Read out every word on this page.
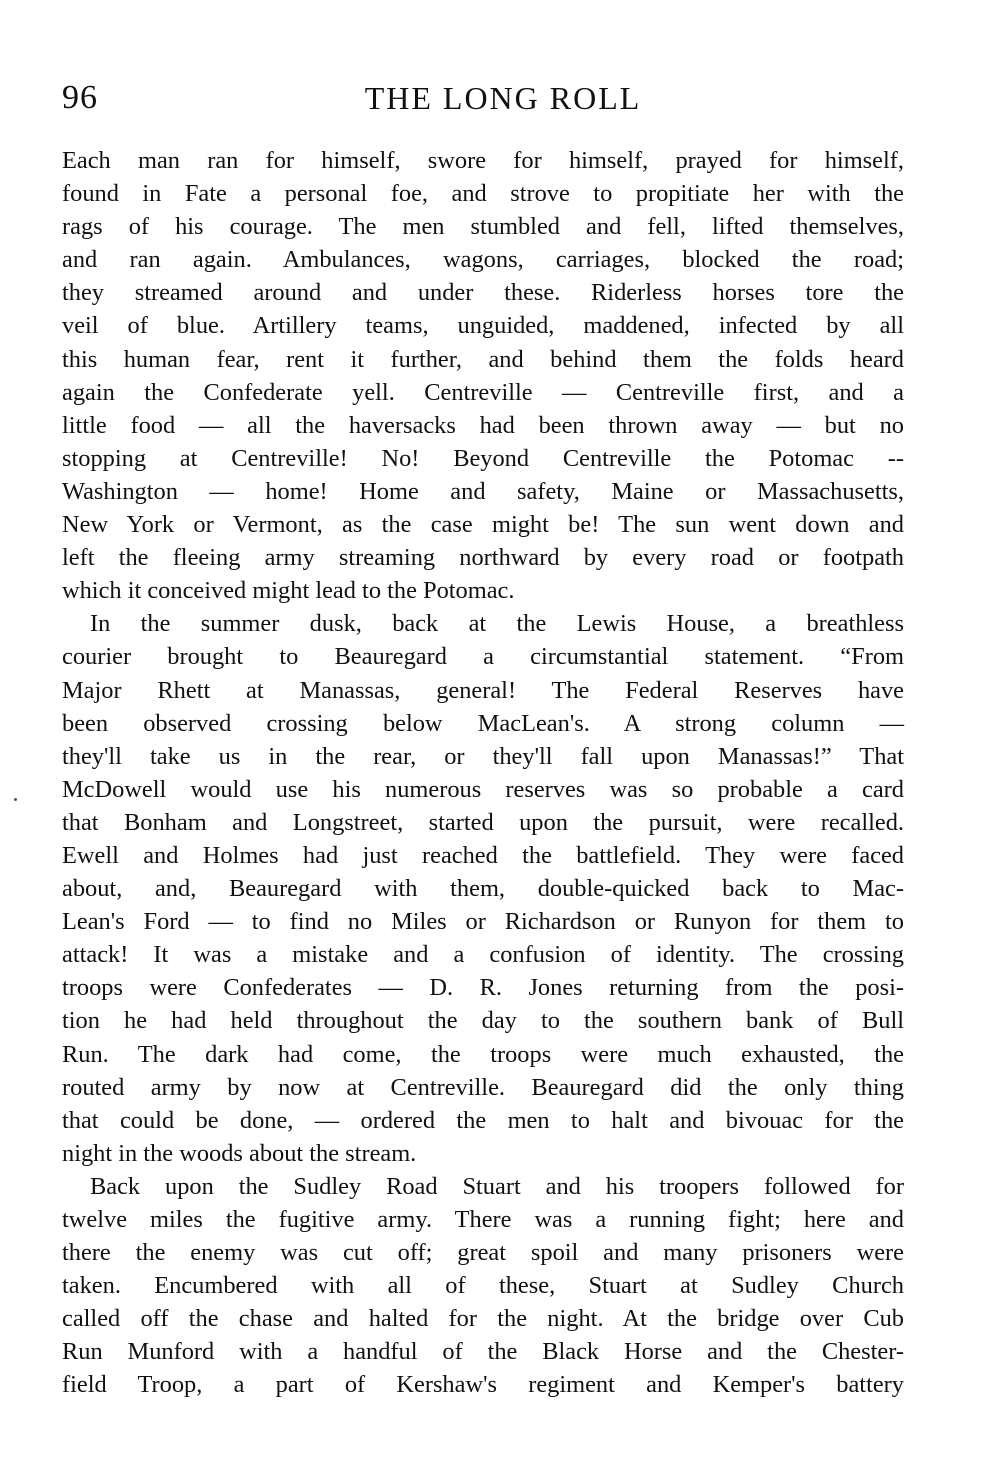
96	THE LONG ROLL

Each man ran for himself, swore for himself, prayed for himself,
found in Fate a personal foe, and strove to propitiate her with the
rags of his courage. The men stumbled and fell, lifted themselves,
and ran again. Ambulances, wagons, carriages, blocked the road;
they streamed around and under these. Riderless horses tore the
veil of blue. Artillery teams, unguided, maddened, infected by all
this human fear, rent it further, and behind them the folds heard
again the Confederate yell. Centreville — Centreville first, and a
little food — all the haversacks had been thrown away — but no
stopping at Centreville! No! Beyond Centreville the Potomac --
Washington — home! Home and safety, Maine or Massachusetts,
New York or Vermont, as the case might be! The sun went down and
left the fleeing army streaming northward by every road or footpath
which it conceived might lead to the Potomac.

In the summer dusk, back at the Lewis House, a breathless
courier brought to Beauregard a circumstantial statement. “From
Major Rhett at Manassas, general! The Federal Reserves have
been observed crossing below MacLean's. A strong column —
they'll take us in the rear, or they'll fall upon Manassas!” That
McDowell would use his numerous reserves was so probable a card
that Bonham and Longstreet, started upon the pursuit, were recalled.
Ewell and Holmes had just reached the battlefield. They were faced
about, and, Beauregard with them, double-quicked back to Mac-
Lean's Ford — to find no Miles or Richardson or Runyon for them to
attack! It was a mistake and a confusion of identity. The crossing
troops were Confederates — D. R. Jones returning from the posi-
tion he had held throughout the day to the southern bank of Bull
Run. The dark had come, the troops were much exhausted, the
routed army by now at Centreville. Beauregard did the only thing
that could be done, — ordered the men to halt and bivouac for the
night in the woods about the stream.

Back upon the Sudley Road Stuart and his troopers followed for
twelve miles the fugitive army. There was a running fight; here and
there the enemy was cut off; great spoil and many prisoners were
taken. Encumbered with all of these, Stuart at Sudley Church
called off the chase and halted for the night. At the bridge over Cub
Run Munford with a handful of the Black Horse and the Chester-
field Troop, a part of Kershaw's regiment and Kemper's battery
